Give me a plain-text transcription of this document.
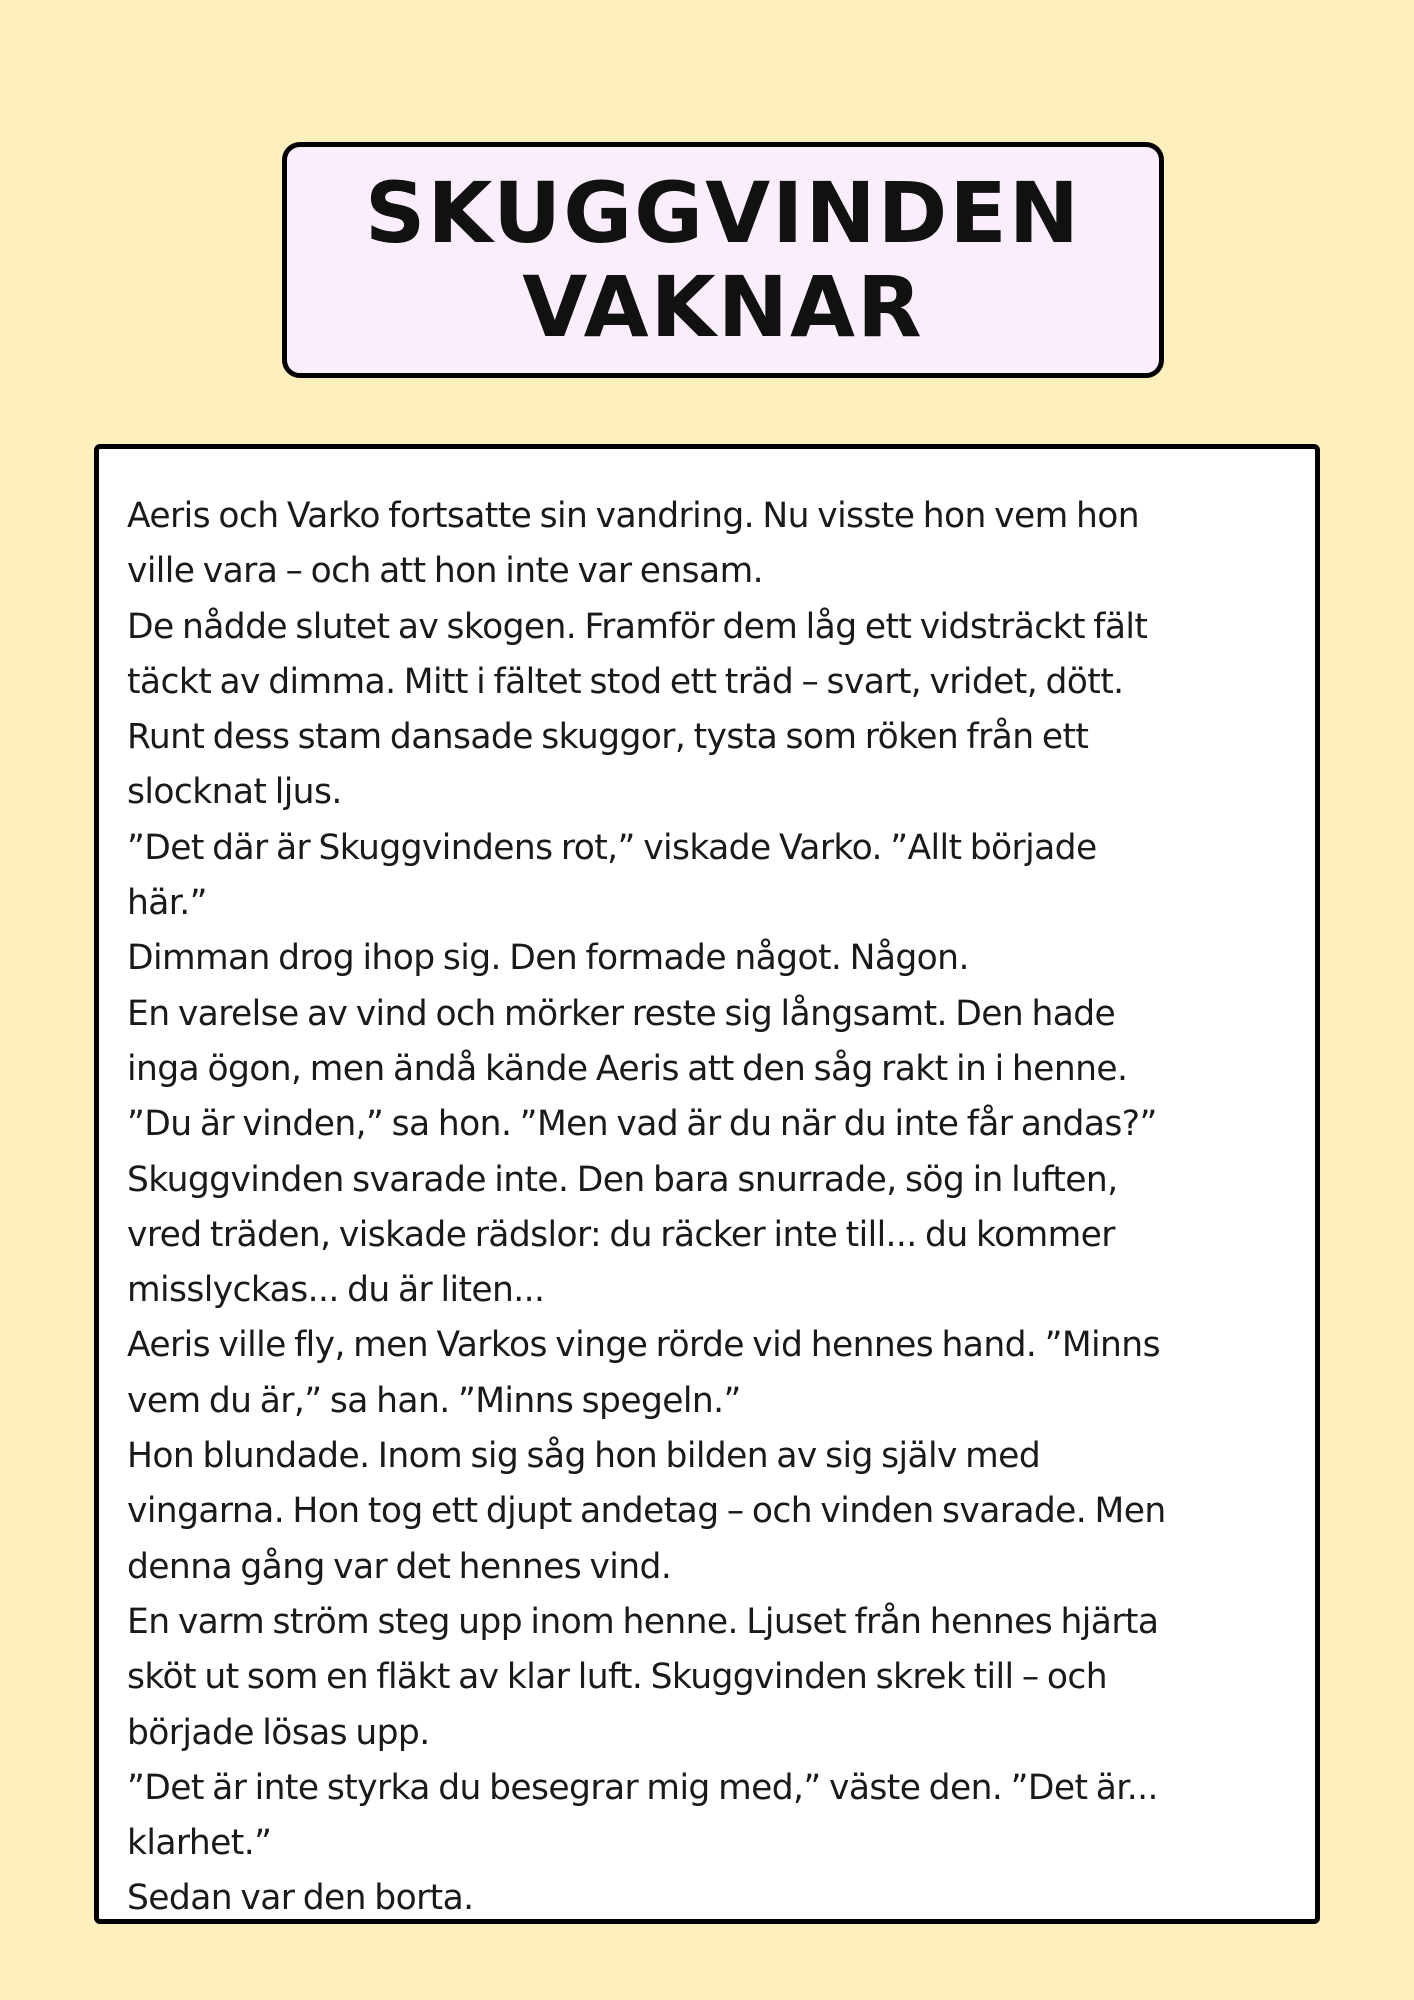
SKUGGVINDEN
VAKNAR
Aeris och Varko fortsatte sin vandring. Nu visste hon vem hon
ville vara – och att hon inte var ensam.
De nådde slutet av skogen. Framför dem låg ett vidsträckt fält
täckt av dimma. Mitt i fältet stod ett träd – svart, vridet, dött.
Runt dess stam dansade skuggor, tysta som röken från ett
slocknat ljus.
”Det där är Skuggvindens rot,” viskade Varko. ”Allt började
här.”
Dimman drog ihop sig. Den formade något. Någon.
En varelse av vind och mörker reste sig långsamt. Den hade
inga ögon, men ändå kände Aeris att den såg rakt in i henne.
”Du är vinden,” sa hon. ”Men vad är du när du inte får andas?”
Skuggvinden svarade inte. Den bara snurrade, sög in luften,
vred träden, viskade rädslor: du räcker inte till... du kommer
misslyckas... du är liten...
Aeris ville fly, men Varkos vinge rörde vid hennes hand. ”Minns
vem du är,” sa han. ”Minns spegeln.”
Hon blundade. Inom sig såg hon bilden av sig själv med
vingarna. Hon tog ett djupt andetag – och vinden svarade. Men
denna gång var det hennes vind.
En varm ström steg upp inom henne. Ljuset från hennes hjärta
sköt ut som en fläkt av klar luft. Skuggvinden skrek till – och
började lösas upp.
”Det är inte styrka du besegrar mig med,” väste den. ”Det är...
klarhet.”
Sedan var den borta.
